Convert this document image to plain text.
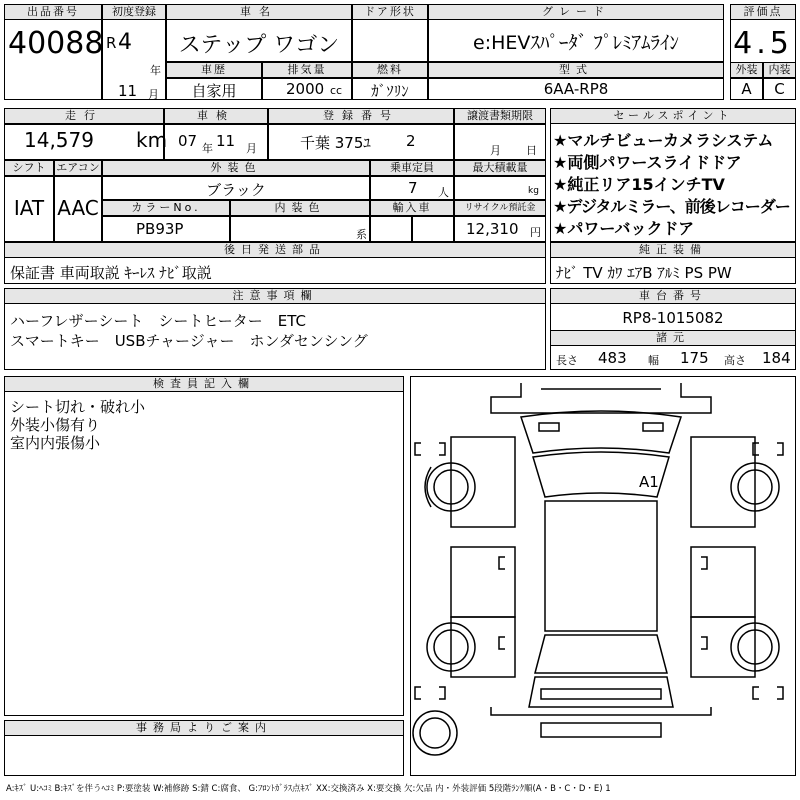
出品番号
40088
初度登録
R 4
年
11 月
車名
ステップ ワゴン
ドア形状	グレード
e:HEVｽﾊﾟｰﾀﾞ ﾌﾟﾚﾐｱﾑﾗｲﾝ
評価点
4.5
外装	内装
A	C
車歴
自家用
排気量
2000 cc
燃料
ｶﾞｿﾘﾝ
型式
6AA-RP8
走行
14,579 km
車検
07 年 11 月
登録番号
千葉 375ﾕ 2
譲渡書類期限
月 日
シフト エアコン
IAT AAC
外装色
ブラック
乗車定員
7 人
最大積載量
kg
カラーNo.
PB93P
内装色
系
輸入車	リサイクル預託金
12,310 円
セールスポイント
★マルチビューカメラシステム
★両側パワースライドドア
★純正リア15インチTV
★デジタルミラー、前後レコーダー
★パワーバックドア
後日発送部品
保証書 車両取説 ｷｰﾚｽ ﾅﾋﾞ取説
純正装備
ﾅﾋﾞ TV ｶﾜ ｴｱB ｱﾙﾐ PS PW
注意事項欄
ハーフレザーシート　シートヒーター　ETC
スマートキー　USBチャージャー　ホンダセンシング
車台番号
RP8-1015082
諸元
長さ 483 幅 175 高さ 184
検査員記入欄
シート切れ・破れ小
外装小傷有り
室内内張傷小
事務局よりご案内
A1
A:ｷｽﾞ U:ﾍｺﾐ B:ｷｽﾞを伴うﾍｺﾐ P:要塗装 W:補修跡 S:錆 C:腐食、 G:ﾌﾛﾝﾄｶﾞﾗｽ点ｷｽﾞ XX:交換済み X:要交換 欠:欠品 内・外装評価 5段階ﾗﾝｸ順(A・B・C・D・E) 1
